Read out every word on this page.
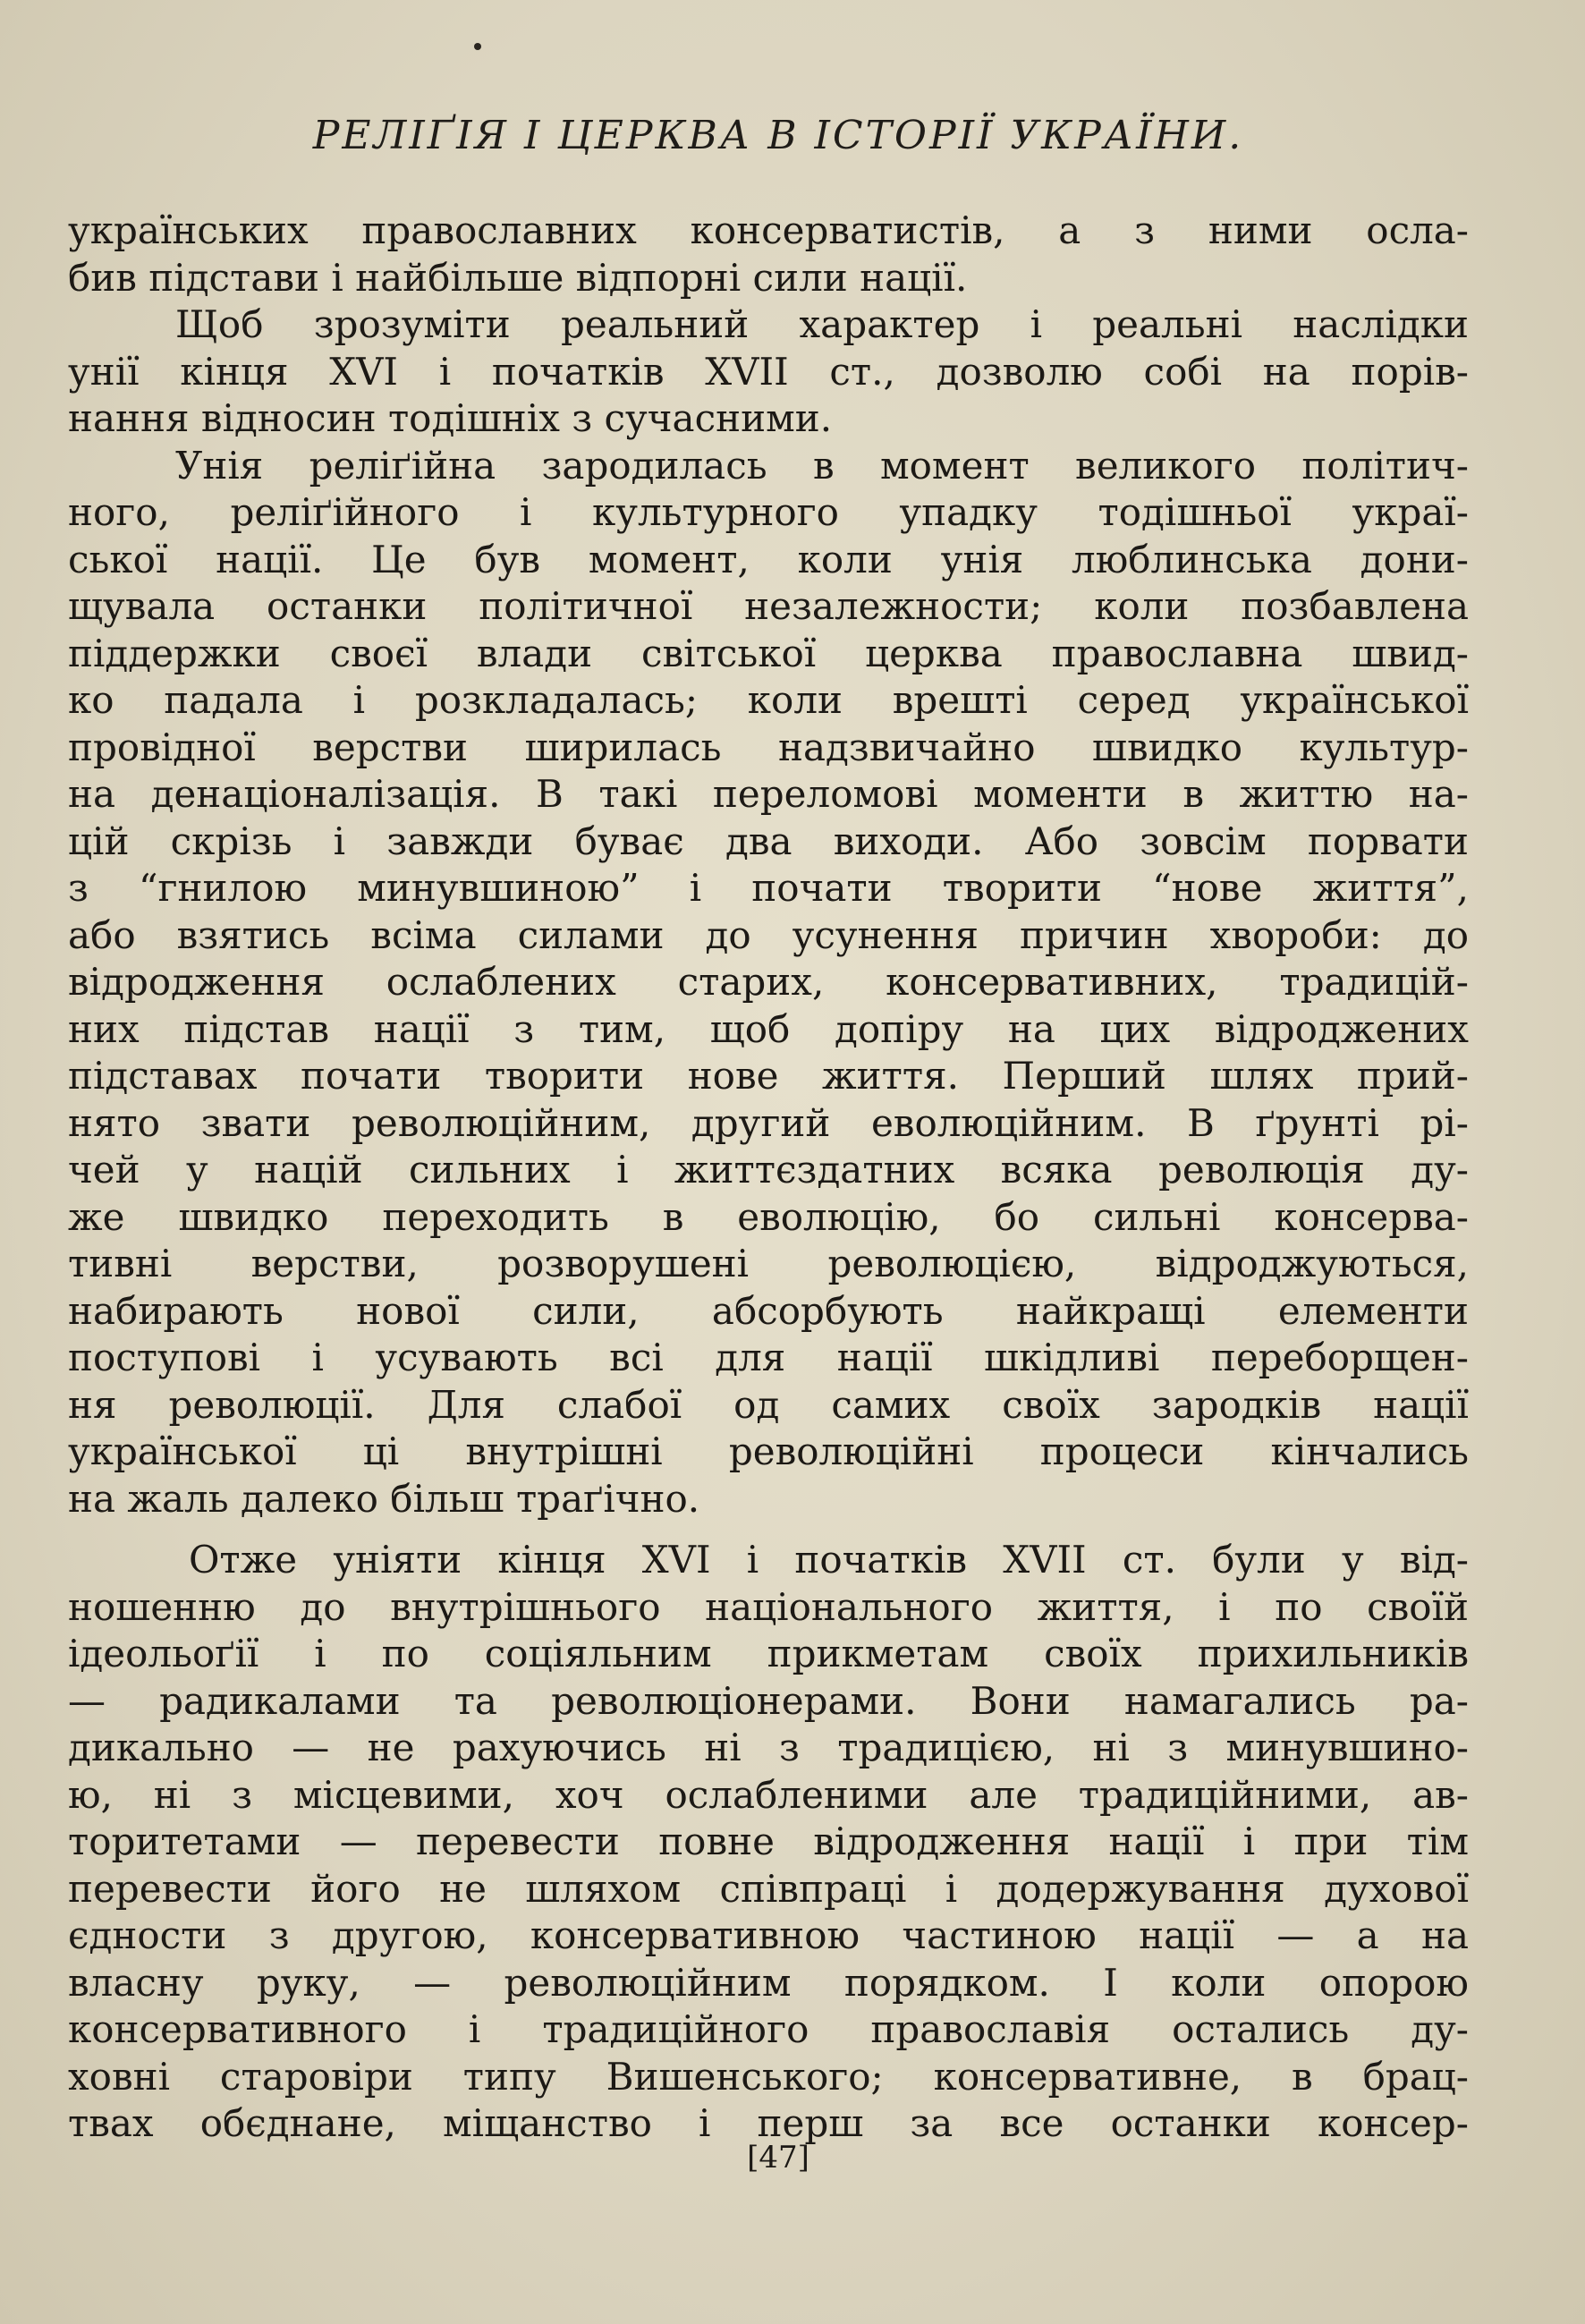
РЕЛІҐІЯ І ЦЕРКВА В ІСТОРІЇ УКРАЇНИ.
українських православних консерватистів, а з ними осла-
бив підстави і найбільше відпорні сили нації.
Щоб зрозуміти реальний характер і реальні наслідки
унії кінця XVI і початків XVII ст., дозволю собі на порів-
нання відносин тодішніх з сучасними.
Унія реліґійна зародилась в момент великого політич-
ного, реліґійного і культурного упадку тодішньої украї-
ської нації. Це був момент, коли унія люблинська дони-
щувала останки політичної незалежности; коли позбавлена
піддержки своєї влади світської церква православна швид-
ко падала і розкладалась; коли врешті серед української
провідної верстви ширилась надзвичайно швидко культур-
на денаціоналізація. В такі переломові моменти в життю на-
цій скрізь і завжди буває два виходи. Або зовсім порвати
з “гнилою минувшиною” і почати творити “нове життя”,
або взятись всіма силами до усунення причин хвороби: до
відродження ослаблених старих, консервативних, традицій-
них підстав нації з тим, щоб допіру на цих відроджених
підставах почати творити нове життя. Перший шлях прий-
нято звати революційним, другий еволюційним. В ґрунті рі-
чей у націй сильних і життєздатних всяка революція ду-
же швидко переходить в еволюцію, бо сильні консерва-
тивні верстви, розворушені революцією, відроджуються,
набирають нової сили, абсорбують найкращі елементи
поступові і усувають всі для нації шкідливі переборщен-
ня революції. Для слабої од самих своїх зародків нації
української ці внутрішні революційні процеси кінчались
на жаль далеко більш траґічно.
Отже уніяти кінця XVI і початків XVII ст. були у від-
ношенню до внутрішнього національного життя, і по своїй
ідеольоґії і по соціяльним прикметам своїх прихильників
— радикалами та революціонерами. Вони намагались ра-
дикально — не рахуючись ні з традицією, ні з минувшино-
ю, ні з місцевими, хоч ослабленими але традиційними, ав-
торитетами — перевести повне відродження нації і при тім
перевести його не шляхом співпраці і додержування духової
єдности з другою, консервативною частиною нації — а на
власну руку, — революційним порядком. І коли опорою
консервативного і традиційного православія остались ду-
ховні старовіри типу Вишенського; консервативне, в брац-
твах обєднане, міщанство і перш за все останки консер-
[47]
